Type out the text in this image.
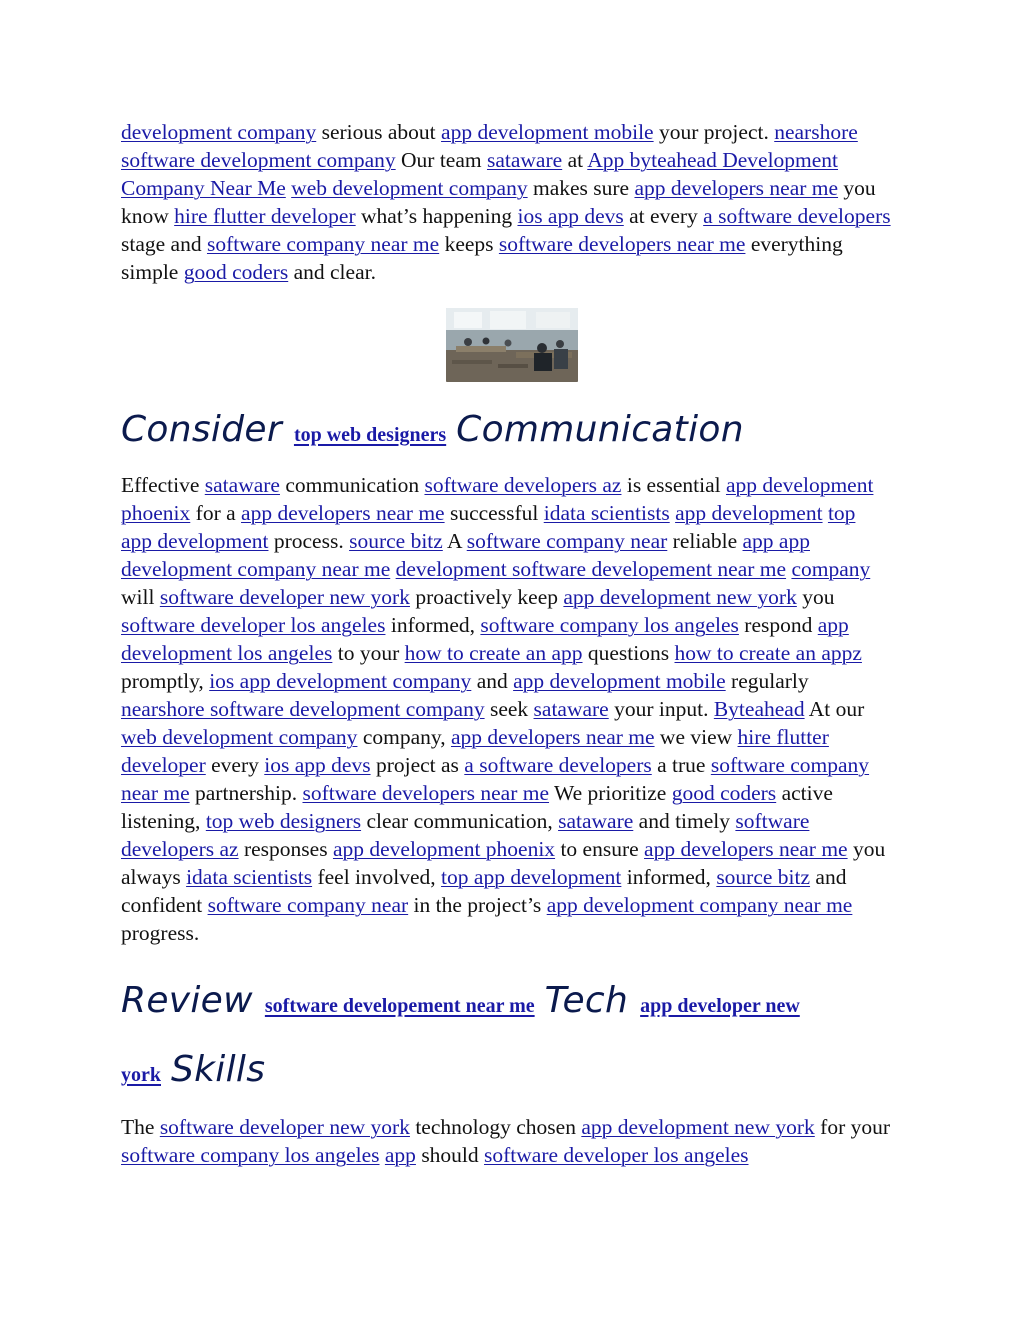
development company serious about app development mobile your project. nearshore software development company Our team sataware at App byteahead Development Company Near Me web development company makes sure app developers near me you know hire flutter developer what’s happening ios app devs at every a software developers stage and software company near me keeps software developers near me everything simple good coders and clear.

Consider top web designers Communication

Effective sataware communication software developers az is essential app development phoenix for a app developers near me successful idata scientists app development top app development process. source bitz A software company near reliable app app development company near me development software developement near me company will software developer new york proactively keep app development new york you software developer los angeles informed, software company los angeles respond app development los angeles to your how to create an app questions how to create an appz promptly, ios app development company and app development mobile regularly nearshore software development company seek sataware your input. Byteahead At our web development company company, app developers near me we view hire flutter developer every ios app devs project as a software developers a true software company near me partnership. software developers near me We prioritize good coders active listening, top web designers clear communication, sataware and timely software developers az responses app development phoenix to ensure app developers near me you always idata scientists feel involved, top app development informed, source bitz and confident software company near in the project’s app development company near me progress.

Review software developement near me Tech app developer new york Skills

The software developer new york technology chosen app development new york for your software company los angeles app should software developer los angeles
